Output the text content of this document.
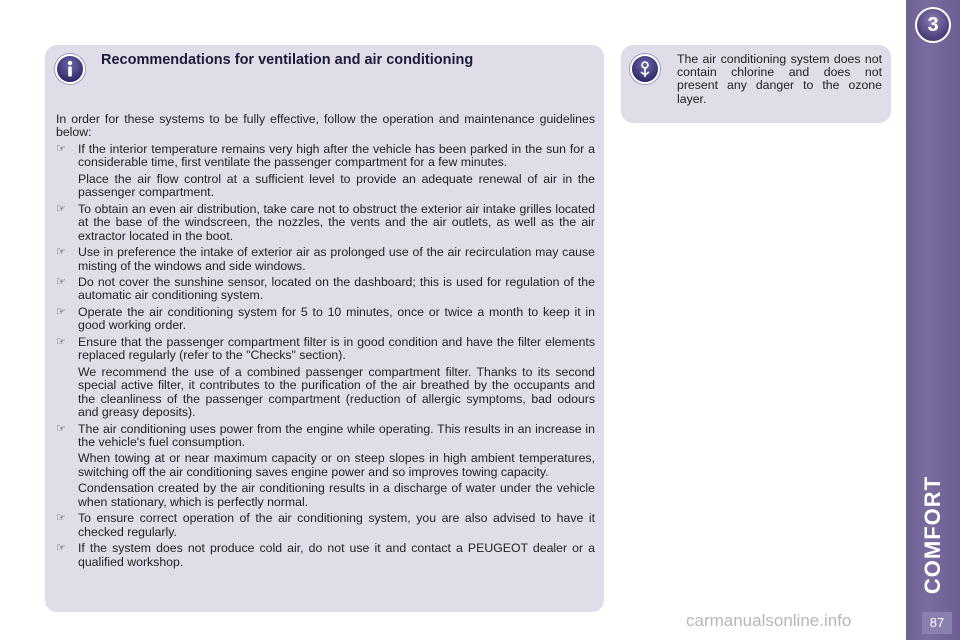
3
COMFORT
87
Recommendations for ventilation and air conditioning

In order for these systems to be fully effective, follow the operation and maintenance guidelines below:

☞ If the interior temperature remains very high after the vehicle has been parked in the sun for a considerable time, first ventilate the passenger compartment for a few minutes.
Place the air flow control at a sufficient level to provide an adequate renewal of air in the passenger compartment.
☞ To obtain an even air distribution, take care not to obstruct the exterior air intake grilles located at the base of the windscreen, the nozzles, the vents and the air outlets, as well as the air extractor located in the boot.
☞ Use in preference the intake of exterior air as prolonged use of the air recirculation may cause misting of the windows and side windows.
☞ Do not cover the sunshine sensor, located on the dashboard; this is used for regulation of the automatic air conditioning system.
☞ Operate the air conditioning system for 5 to 10 minutes, once or twice a month to keep it in good working order.
☞ Ensure that the passenger compartment filter is in good condition and have the filter elements replaced regularly (refer to the "Checks" section).
We recommend the use of a combined passenger compartment filter. Thanks to its second special active filter, it contributes to the purification of the air breathed by the occupants and the cleanliness of the passenger compartment (reduction of allergic symptoms, bad odours and greasy deposits).
☞ The air conditioning uses power from the engine while operating. This results in an increase in the vehicle's fuel consumption.
When towing at or near maximum capacity or on steep slopes in high ambient temperatures, switching off the air conditioning saves engine power and so improves towing capacity.
Condensation created by the air conditioning results in a discharge of water under the vehicle when stationary, which is perfectly normal.
☞ To ensure correct operation of the air conditioning system, you are also advised to have it checked regularly.
☞ If the system does not produce cold air, do not use it and contact a PEUGEOT dealer or a qualified workshop.

The air conditioning system does not contain chlorine and does not present any danger to the ozone layer.

carmanualsonline.info
